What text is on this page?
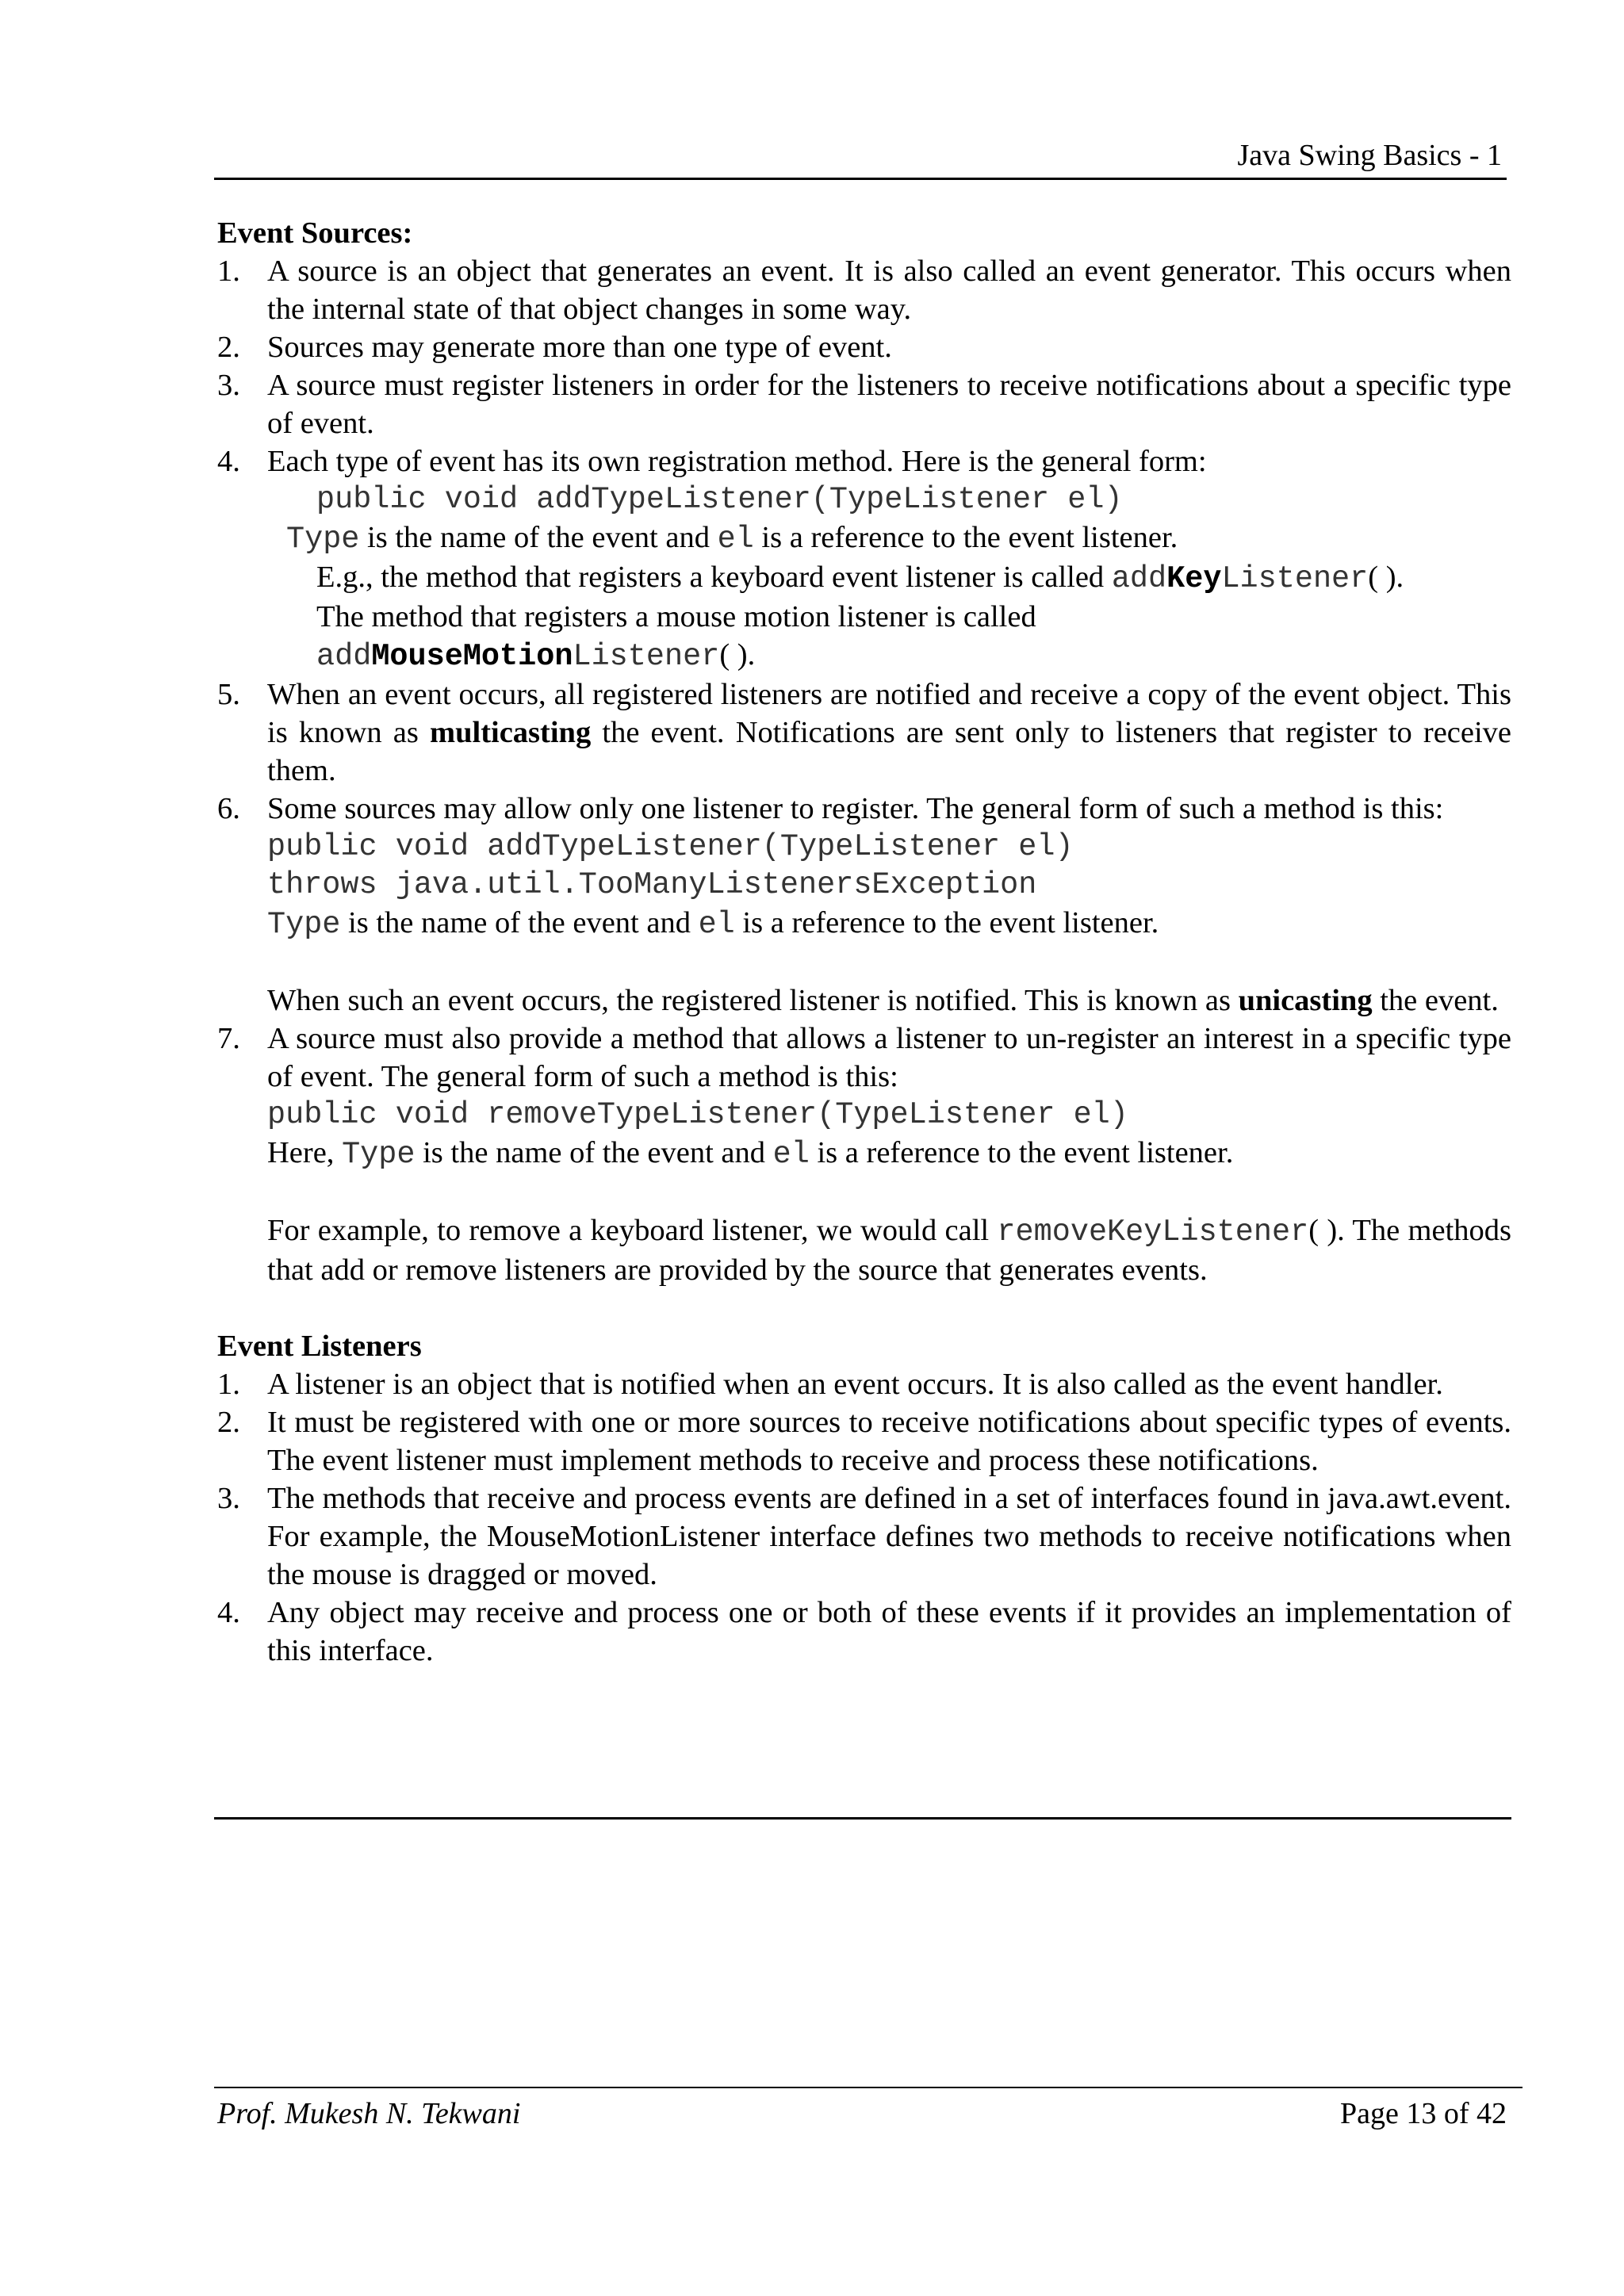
Java Swing Basics - 1

Event Sources:

1. A source is an object that generates an event. It is also called an event generator. This occurs when the internal state of that object changes in some way.
2. Sources may generate more than one type of event.
3. A source must register listeners in order for the listeners to receive notifications about a specific type of event.
4. Each type of event has its own registration method. Here is the general form:
public void addTypeListener(TypeListener el)
Type is the name of the event and el is a reference to the event listener.
E.g., the method that registers a keyboard event listener is called addKeyListener( ).
The method that registers a mouse motion listener is called
addMouseMotionListener( ).
5. When an event occurs, all registered listeners are notified and receive a copy of the event object. This is known as multicasting the event. Notifications are sent only to listeners that register to receive them.
6. Some sources may allow only one listener to register. The general form of such a method is this:
public void addTypeListener(TypeListener el)
throws java.util.TooManyListenersException
Type is the name of the event and el is a reference to the event listener.
When such an event occurs, the registered listener is notified. This is known as unicasting the event.
7. A source must also provide a method that allows a listener to un-register an interest in a specific type of event. The general form of such a method is this:
public void removeTypeListener(TypeListener el)
Here, Type is the name of the event and el is a reference to the event listener.
For example, to remove a keyboard listener, we would call removeKeyListener( ). The methods that add or remove listeners are provided by the source that generates events.

Event Listeners

1. A listener is an object that is notified when an event occurs. It is also called as the event handler.
2. It must be registered with one or more sources to receive notifications about specific types of events. The event listener must implement methods to receive and process these notifications.
3. The methods that receive and process events are defined in a set of interfaces found in java.awt.event. For example, the MouseMotionListener interface defines two methods to receive notifications when the mouse is dragged or moved.
4. Any object may receive and process one or both of these events if it provides an implementation of this interface.
Prof. Mukesh N. Tekwani	Page 13 of 42
